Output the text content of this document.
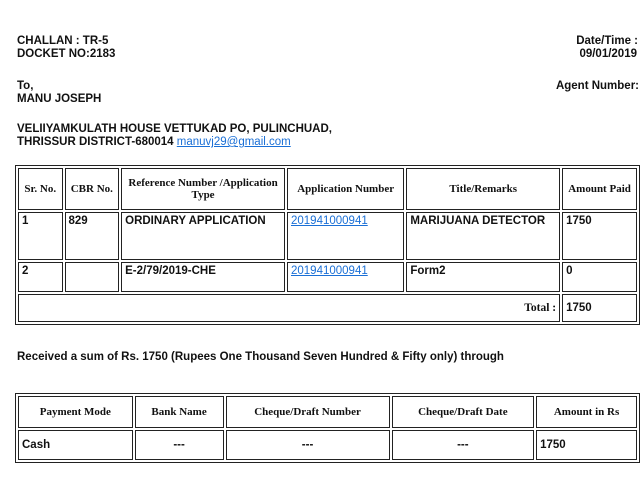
CHALLAN : TR-5
DOCKET NO:2183
Date/Time :
09/01/2019
To,	Agent Number:
MANU JOSEPH
VELIIYAMKULATH HOUSE VETTUKAD PO, PULINCHUAD,
THRISSUR DISTRICT-680014 manuvj29@gmail.com
Sr. No.	CBR No.	Reference Number /Application Type	Application Number	Title/Remarks	Amount Paid
1	829	ORDINARY APPLICATION	201941000941	MARIJUANA DETECTOR	1750
2		E-2/79/2019-CHE	201941000941	Form2	0
Total :					1750
Received a sum of Rs. 1750 (Rupees One Thousand Seven Hundred & Fifty only) through
Payment Mode	Bank Name	Cheque/Draft Number	Cheque/Draft Date	Amount in Rs
Cash	---	---	---	1750
